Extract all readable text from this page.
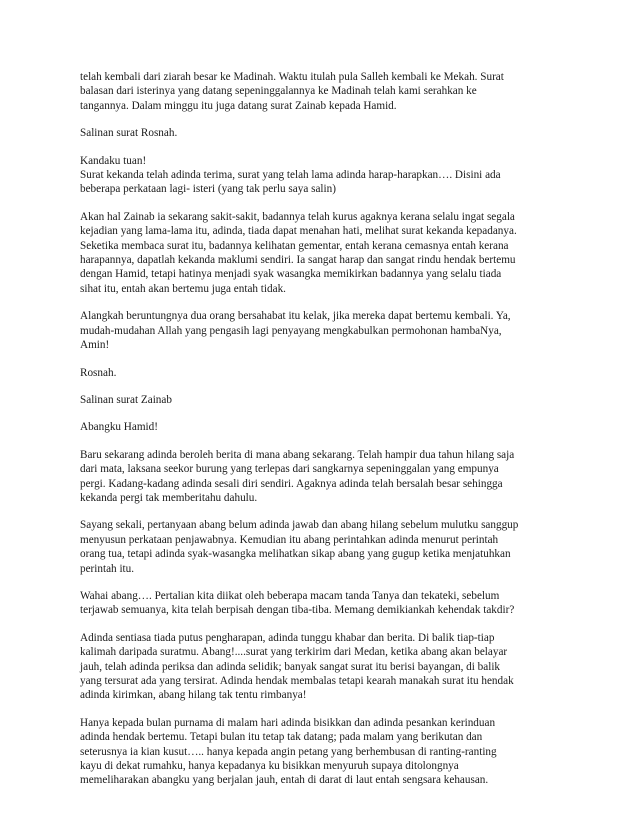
telah kembali dari ziarah besar ke Madinah. Waktu itulah pula Salleh kembali ke Mekah. Surat
balasan dari isterinya yang datang sepeninggalannya ke Madinah telah kami serahkan ke
tangannya. Dalam minggu itu juga datang surat Zainab kepada Hamid.

Salinan surat Rosnah.

Kandaku tuan!
Surat kekanda telah adinda terima, surat yang telah lama adinda harap-harapkan…. Disini ada
beberapa perkataan lagi- isteri (yang tak perlu saya salin)

Akan hal Zainab ia sekarang sakit-sakit, badannya telah kurus agaknya kerana selalu ingat segala
kejadian yang lama-lama itu, adinda, tiada dapat menahan hati, melihat surat kekanda kepadanya.
Seketika membaca surat itu, badannya kelihatan gementar, entah kerana cemasnya entah kerana
harapannya, dapatlah kekanda maklumi sendiri. Ia sangat harap dan sangat rindu hendak bertemu
dengan Hamid, tetapi hatinya menjadi syak wasangka memikirkan badannya yang selalu tiada
sihat itu, entah akan bertemu juga entah tidak.

Alangkah beruntungnya dua orang bersahabat itu kelak, jika mereka dapat bertemu kembali. Ya,
mudah-mudahan Allah yang pengasih lagi penyayang mengkabulkan permohonan hambaNya,
Amin!

Rosnah.

Salinan surat Zainab

Abangku Hamid!

Baru sekarang adinda beroleh berita di mana abang sekarang. Telah hampir dua tahun hilang saja
dari mata, laksana seekor burung yang terlepas dari sangkarnya sepeninggalan yang empunya
pergi. Kadang-kadang adinda sesali diri sendiri. Agaknya adinda telah bersalah besar sehingga
kekanda pergi tak memberitahu dahulu.

Sayang sekali, pertanyaan abang belum adinda jawab dan abang hilang sebelum mulutku sanggup
menyusun perkataan penjawabnya. Kemudian itu abang perintahkan adinda menurut perintah
orang tua, tetapi adinda syak-wasangka melihatkan sikap abang yang gugup ketika menjatuhkan
perintah itu.

Wahai abang…. Pertalian kita diikat oleh beberapa macam tanda Tanya dan tekateki, sebelum
terjawab semuanya, kita telah berpisah dengan tiba-tiba. Memang demikiankah kehendak takdir?

Adinda sentiasa tiada putus pengharapan, adinda tunggu khabar dan berita. Di balik tiap-tiap
kalimah daripada suratmu. Abang!....surat yang terkirim dari Medan, ketika abang akan belayar
jauh, telah adinda periksa dan adinda selidik; banyak sangat surat itu berisi bayangan, di balik
yang tersurat ada yang tersirat. Adinda hendak membalas tetapi kearah manakah surat itu hendak
adinda kirimkan, abang hilang tak tentu rimbanya!

Hanya kepada bulan purnama di malam hari adinda bisikkan dan adinda pesankan kerinduan
adinda hendak bertemu. Tetapi bulan itu tetap tak datang; pada malam yang berikutan dan
seterusnya ia kian kusut….. hanya kepada angin petang yang berhembusan di ranting-ranting
kayu di dekat rumahku, hanya kepadanya ku bisikkan menyuruh supaya ditolongnya
memeliharakan abangku yang berjalan jauh, entah di darat di laut entah sengsara kehausan.
